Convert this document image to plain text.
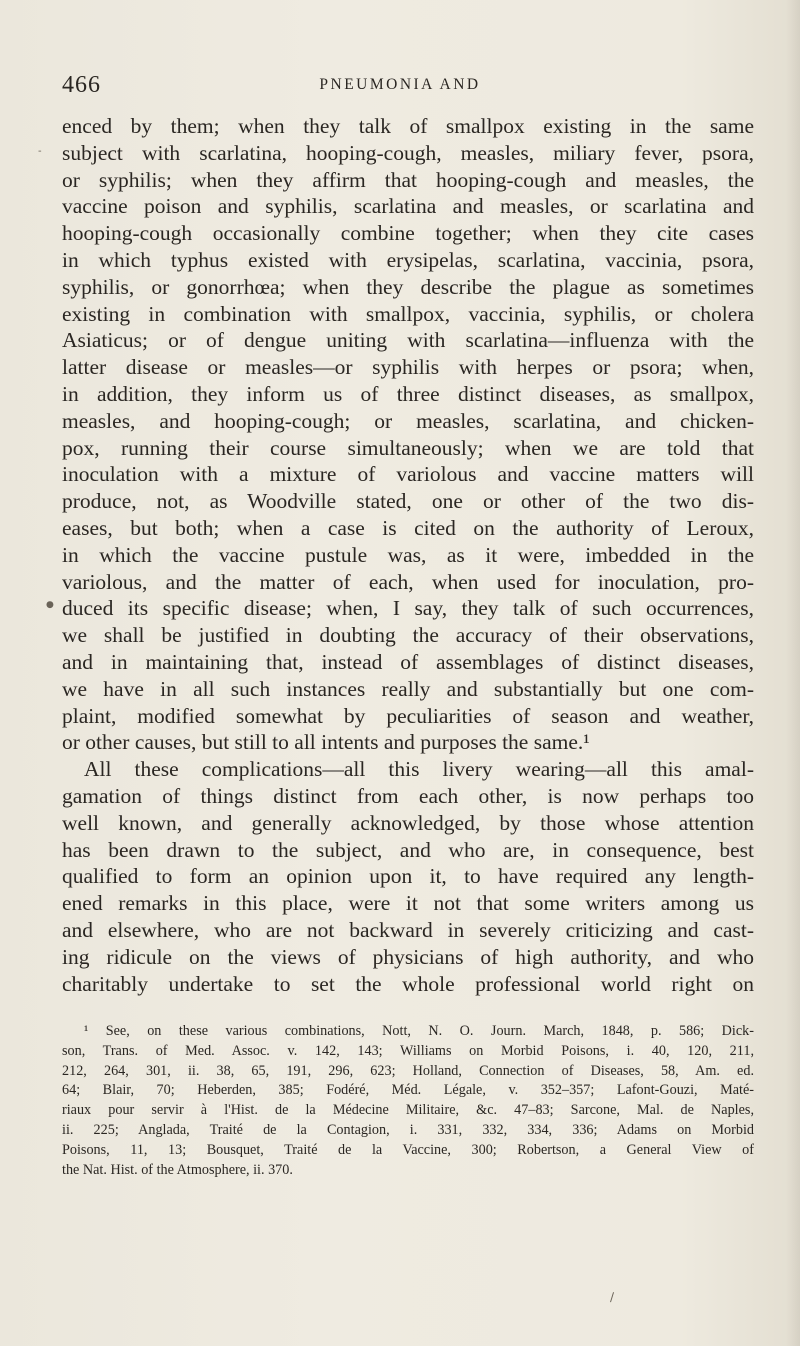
466	PNEUMONIA AND
enced by them; when they talk of smallpox existing in the same
subject with scarlatina, hooping-cough, measles, miliary fever, psora,
or syphilis; when they affirm that hooping-cough and measles, the
vaccine poison and syphilis, scarlatina and measles, or scarlatina and
hooping-cough occasionally combine together; when they cite cases
in which typhus existed with erysipelas, scarlatina, vaccinia, psora,
syphilis, or gonorrhœa; when they describe the plague as sometimes
existing in combination with smallpox, vaccinia, syphilis, or cholera
Asiaticus; or of dengue uniting with scarlatina—influenza with the
latter disease or measles—or syphilis with herpes or psora; when,
in addition, they inform us of three distinct diseases, as smallpox,
measles, and hooping-cough; or measles, scarlatina, and chicken-
pox, running their course simultaneously; when we are told that
inoculation with a mixture of variolous and vaccine matters will
produce, not, as Woodville stated, one or other of the two dis-
eases, but both; when a case is cited on the authority of Leroux,
in which the vaccine pustule was, as it were, imbedded in the
variolous, and the matter of each, when used for inoculation, pro-
duced its specific disease; when, I say, they talk of such occurrences,
we shall be justified in doubting the accuracy of their observations,
and in maintaining that, instead of assemblages of distinct diseases,
we have in all such instances really and substantially but one com-
plaint, modified somewhat by peculiarities of season and weather,
or other causes, but still to all intents and purposes the same.¹
All these complications—all this livery wearing—all this amal-
gamation of things distinct from each other, is now perhaps too
well known, and generally acknowledged, by those whose attention
has been drawn to the subject, and who are, in consequence, best
qualified to form an opinion upon it, to have required any length-
ened remarks in this place, were it not that some writers among us
and elsewhere, who are not backward in severely criticizing and cast-
ing ridicule on the views of physicians of high authority, and who
charitably undertake to set the whole professional world right on
¹ See, on these various combinations, Nott, N. O. Journ. March, 1848, p. 586; Dick-
son, Trans. of Med. Assoc. v. 142, 143; Williams on Morbid Poisons, i. 40, 120, 211,
212, 264, 301, ii. 38, 65, 191, 296, 623; Holland, Connection of Diseases, 58, Am. ed.
64; Blair, 70; Heberden, 385; Fodéré, Méd. Légale, v. 352–357; Lafont-Gouzi, Maté-
riaux pour servir à l'Hist. de la Médecine Militaire, &c. 47–83; Sarcone, Mal. de Naples,
ii. 225; Anglada, Traité de la Contagion, i. 331, 332, 334, 336; Adams on Morbid
Poisons, 11, 13; Bousquet, Traité de la Vaccine, 300; Robertson, a General View of
the Nat. Hist. of the Atmosphere, ii. 370.
-
●
∕
